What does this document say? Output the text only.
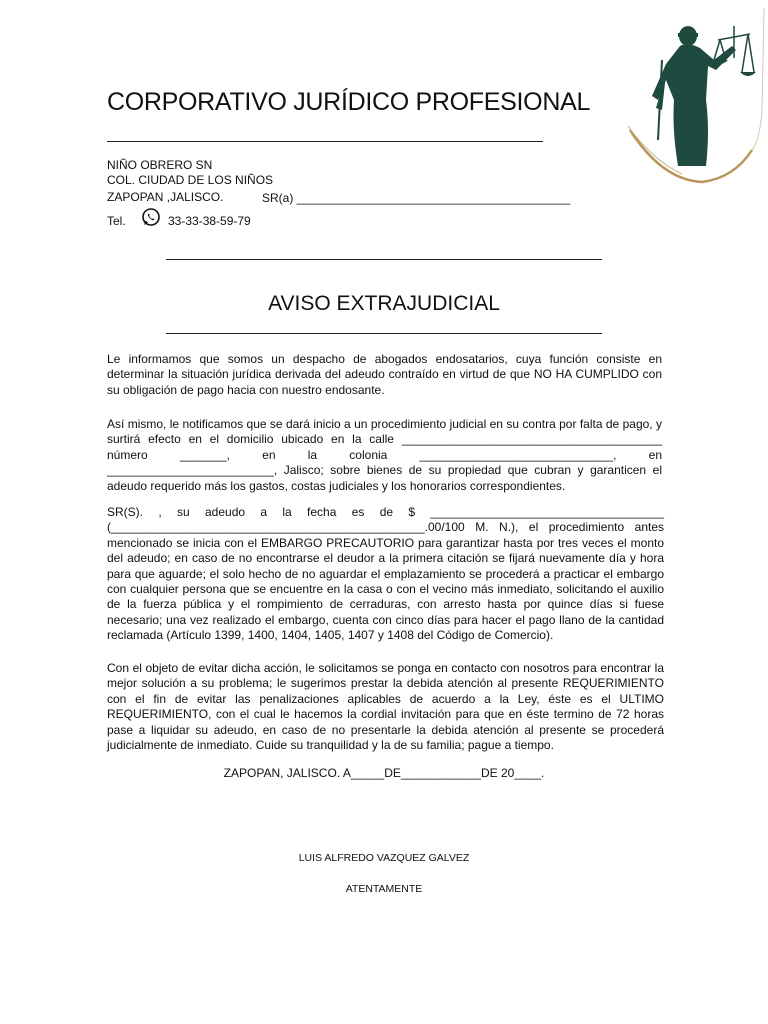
CORPORATIVO JURÍDICO PROFESIONAL
NIÑO OBRERO SN
COL. CIUDAD DE LOS NIÑOS
ZAPOPAN ,JALISCO.	SR(a) _________________________________________
Tel.	33-33-38-59-79
AVISO EXTRAJUDICIAL
Le informamos que somos un despacho de abogados endosatarios, cuya función consiste en determinar la situación jurídica derivada del adeudo contraído en virtud de que NO HA CUMPLIDO con su obligación de pago hacia con nuestro endosante.
Así mismo, le notificamos que se dará inicio a un procedimiento judicial en su contra por falta de pago, y surtirá efecto en el domicilio ubicado en la calle _______________________________________ número _______, en la colonia _____________________________, en _________________________, Jalisco; sobre bienes de su propiedad que cubran y garanticen el adeudo requerido más los gastos, costas judiciales y los honorarios correspondientes.
SR(S). , su adeudo a la fecha es de $ ___________________________________ (_______________________________________________.00/100 M. N.), el procedimiento antes mencionado se inicia con el EMBARGO PRECAUTORIO para garantizar hasta por tres veces el monto del adeudo; en caso de no encontrarse el deudor a la primera citación se fijará nuevamente día y hora para que aguarde; el solo hecho de no aguardar el emplazamiento se procederá a practicar el embargo con cualquier persona que se encuentre en la casa o con el vecino más inmediato, solicitando el auxilio de la fuerza pública y el rompimiento de cerraduras, con arresto hasta por quince días si fuese necesario; una vez realizado el embargo, cuenta con cinco días para hacer el pago llano de la cantidad reclamada (Artículo 1399, 1400, 1404, 1405, 1407 y 1408 del Código de Comercio).
Con el objeto de evitar dicha acción, le solicitamos se ponga en contacto con nosotros para encontrar la mejor solución a su problema; le sugerimos prestar la debida atención al presente REQUERIMIENTO con el fin de evitar las penalizaciones aplicables de acuerdo a la Ley, éste es el ULTIMO REQUERIMIENTO, con el cual le hacemos la cordial invitación para que en éste termino de 72 horas pase a liquidar su adeudo, en caso de no presentarle la debida atención al presente se procederá judicialmente de inmediato. Cuide su tranquilidad y la de su familia; pague a tiempo.
ZAPOPAN, JALISCO. A_____DE____________DE 20____.
LUIS ALFREDO VAZQUEZ GALVEZ
ATENTAMENTE
